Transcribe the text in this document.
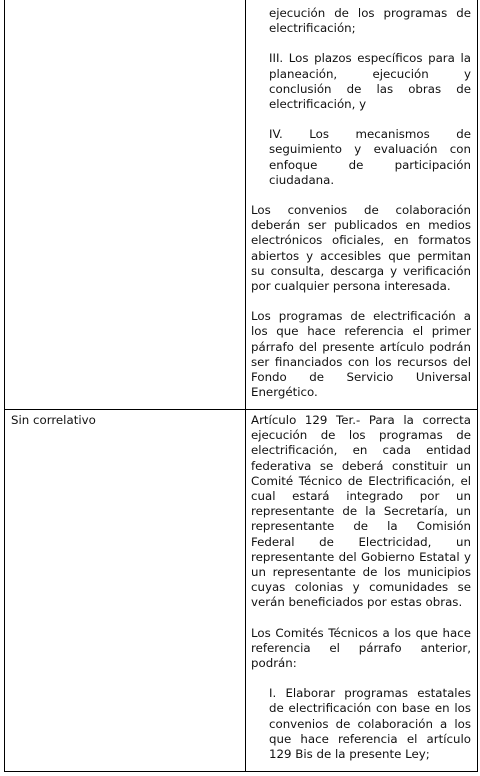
ejecución de los programas de electrificación;

III. Los plazos específicos para la planeación, ejecución y conclusión de las obras de electrificación, y

IV. Los mecanismos de seguimiento y evaluación con enfoque de participación ciudadana.

Los convenios de colaboración deberán ser publicados en medios electrónicos oficiales, en formatos abiertos y accesibles que permitan su consulta, descarga y verificación por cualquier persona interesada.

Los programas de electrificación a los que hace referencia el primer párrafo del presente artículo podrán ser financiados con los recursos del Fondo de Servicio Universal Energético.

Sin correlativo	Artículo 129 Ter.- Para la correcta ejecución de los programas de electrificación, en cada entidad federativa se deberá constituir un Comité Técnico de Electrificación, el cual estará integrado por un representante de la Secretaría, un representante de la Comisión Federal de Electricidad, un representante del Gobierno Estatal y un representante de los municipios cuyas colonias y comunidades se verán beneficiados por estas obras.

Los Comités Técnicos a los que hace referencia el párrafo anterior, podrán:

I. Elaborar programas estatales de electrificación con base en los convenios de colaboración a los que hace referencia el artículo 129 Bis de la presente Ley;
